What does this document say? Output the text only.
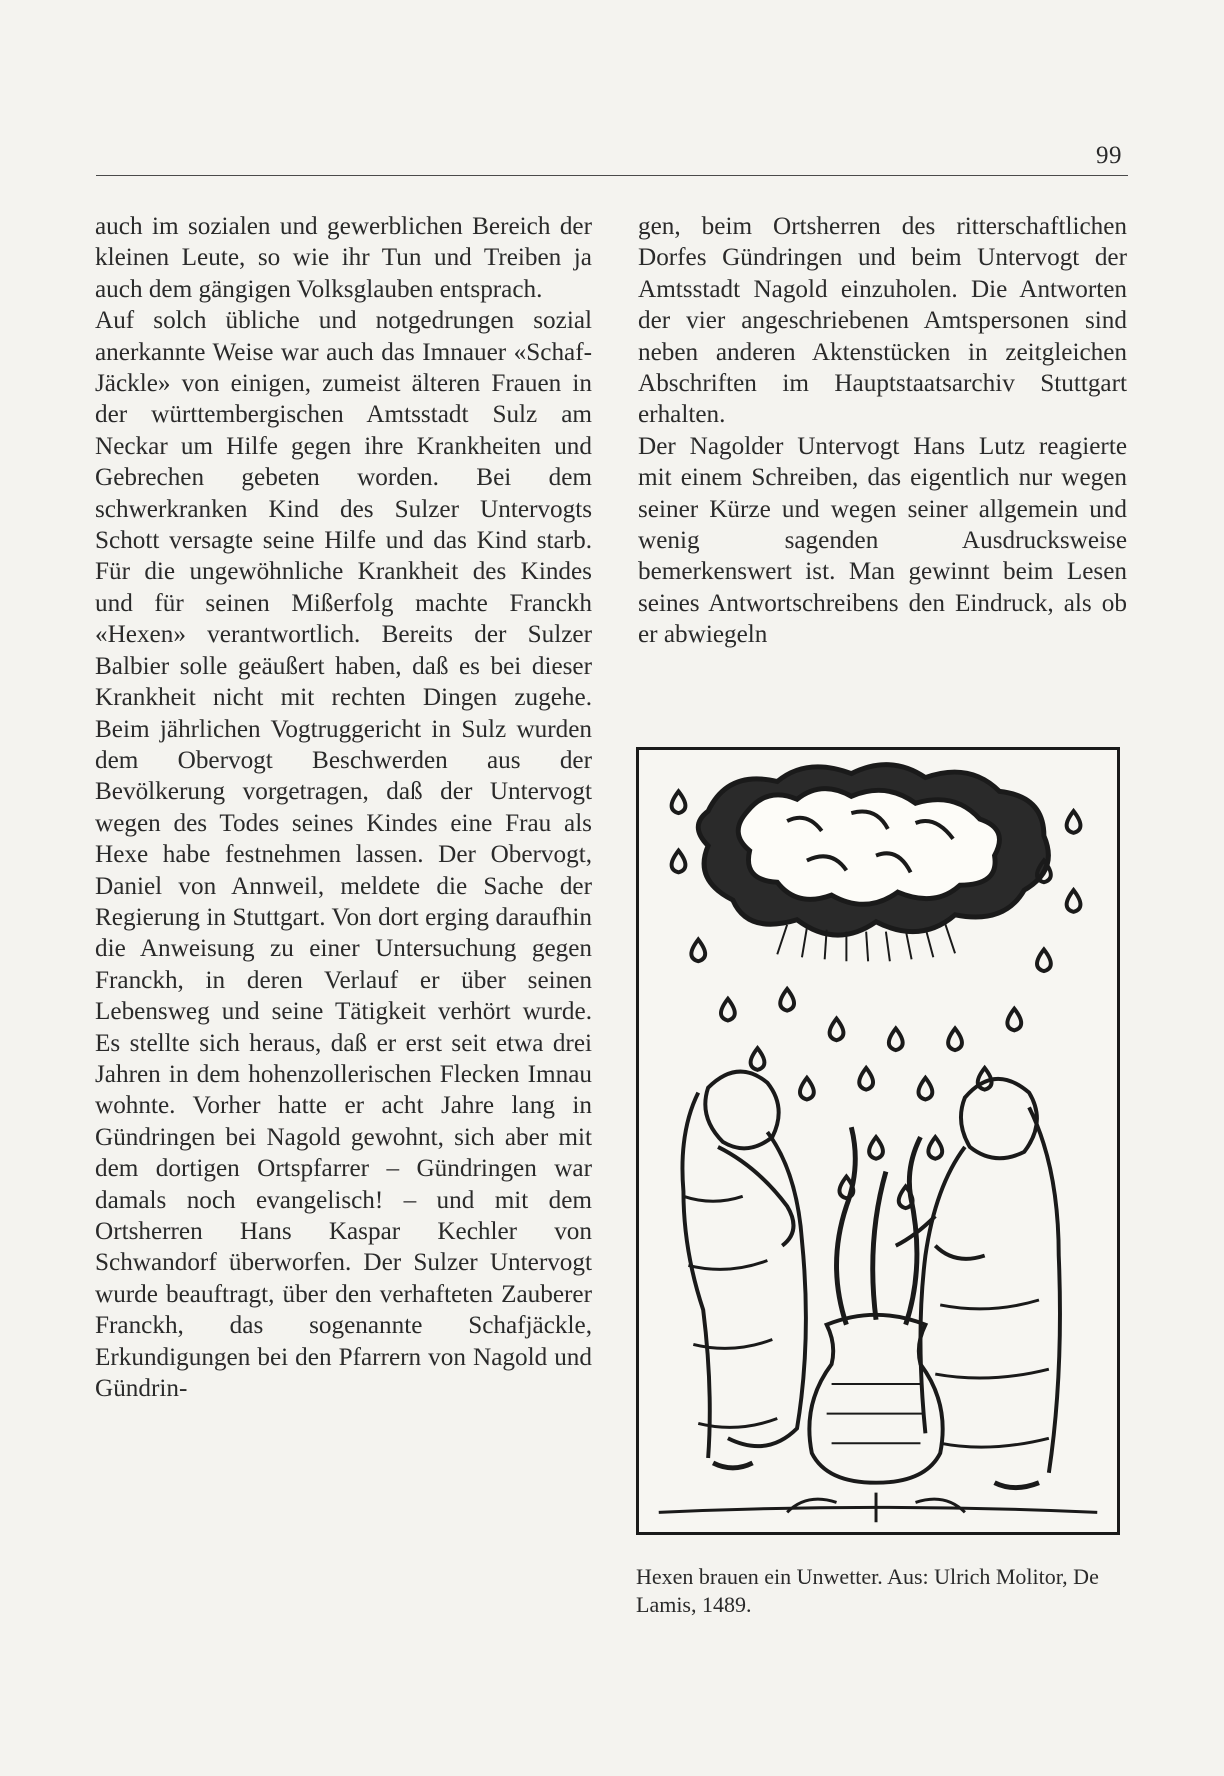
99

auch im sozialen und gewerblichen Bereich der kleinen Leute, so wie ihr Tun und Treiben ja auch dem gängigen Volksglauben entsprach.

Auf solch übliche und notgedrungen sozial anerkannte Weise war auch das Imnauer «Schaf-Jäckle» von einigen, zumeist älteren Frauen in der württembergischen Amtsstadt Sulz am Neckar um Hilfe gegen ihre Krankheiten und Gebrechen gebeten worden. Bei dem schwerkranken Kind des Sulzer Untervogts Schott versagte seine Hilfe und das Kind starb. Für die ungewöhnliche Krankheit des Kindes und für seinen Mißerfolg machte Franckh «Hexen» verantwortlich. Bereits der Sulzer Balbier solle geäußert haben, daß es bei dieser Krankheit nicht mit rechten Dingen zugehe. Beim jährlichen Vogtruggericht in Sulz wurden dem Obervogt Beschwerden aus der Bevölkerung vorgetragen, daß der Untervogt wegen des Todes seines Kindes eine Frau als Hexe habe festnehmen lassen. Der Obervogt, Daniel von Annweil, meldete die Sache der Regierung in Stuttgart. Von dort erging daraufhin die Anweisung zu einer Untersuchung gegen Franckh, in deren Verlauf er über seinen Lebensweg und seine Tätigkeit verhört wurde. Es stellte sich heraus, daß er erst seit etwa drei Jahren in dem hohenzollerischen Flecken Imnau wohnte. Vorher hatte er acht Jahre lang in Gündringen bei Nagold gewohnt, sich aber mit dem dortigen Ortspfarrer – Gündringen war damals noch evangelisch! – und mit dem Ortsherren Hans Kaspar Kechler von Schwandorf überworfen. Der Sulzer Untervogt wurde beauftragt, über den verhafteten Zauberer Franckh, das sogenannte Schafjäckle, Erkundigungen bei den Pfarrern von Nagold und Gündrin-

gen, beim Ortsherren des ritterschaftlichen Dorfes Gündringen und beim Untervogt der Amtsstadt Nagold einzuholen. Die Antworten der vier angeschriebenen Amtspersonen sind neben anderen Aktenstücken in zeitgleichen Abschriften im Hauptstaatsarchiv Stuttgart erhalten.

Der Nagolder Untervogt Hans Lutz reagierte mit einem Schreiben, das eigentlich nur wegen seiner Kürze und wegen seiner allgemein und wenig sagenden Ausdrucksweise bemerkenswert ist. Man gewinnt beim Lesen seines Antwortschreibens den Eindruck, als ob er abwiegeln

Hexen brauen ein Unwetter. Aus: Ulrich Molitor, De Lamis, 1489.
